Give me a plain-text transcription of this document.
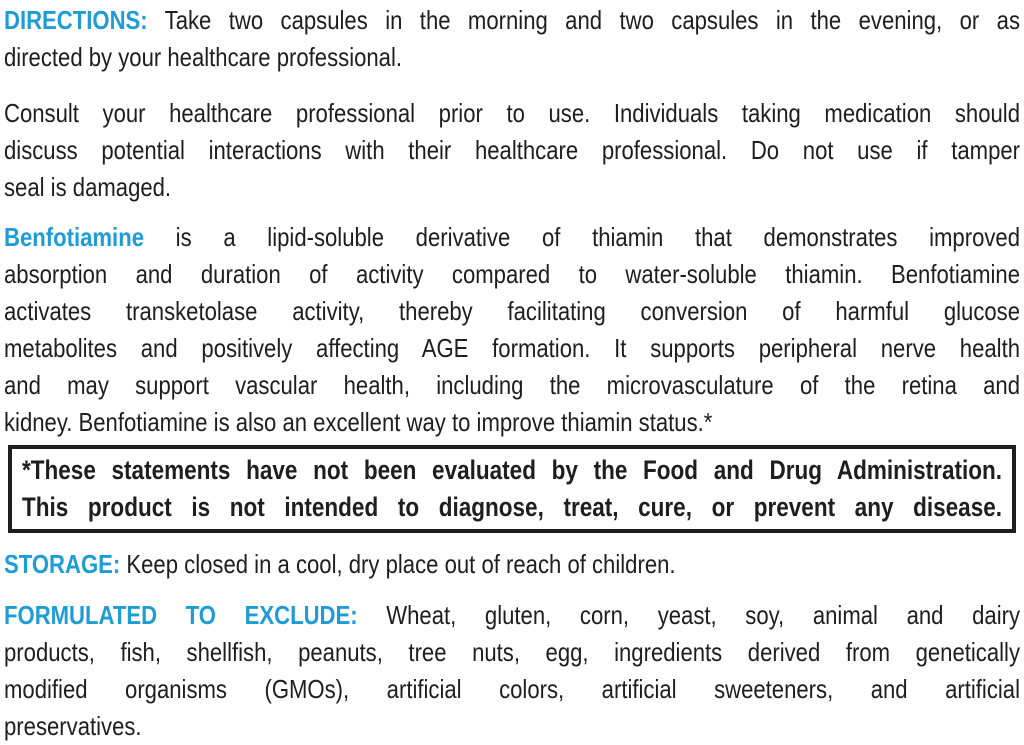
DIRECTIONS: Take two capsules in the morning and two capsules in the evening, or as
directed by your healthcare professional.
Consult your healthcare professional prior to use. Individuals taking medication should
discuss potential interactions with their healthcare professional. Do not use if tamper
seal is damaged.
Benfotiamine is a lipid-soluble derivative of thiamin that demonstrates improved
absorption and duration of activity compared to water-soluble thiamin. Benfotiamine
activates transketolase activity, thereby facilitating conversion of harmful glucose
metabolites and positively affecting AGE formation. It supports peripheral nerve health
and may support vascular health, including the microvasculature of the retina and
kidney. Benfotiamine is also an excellent way to improve thiamin status.*
*These statements have not been evaluated by the Food and Drug Administration.
This product is not intended to diagnose, treat, cure, or prevent any disease.
STORAGE: Keep closed in a cool, dry place out of reach of children.
FORMULATED TO EXCLUDE: Wheat, gluten, corn, yeast, soy, animal and dairy
products, fish, shellfish, peanuts, tree nuts, egg, ingredients derived from genetically
modified organisms (GMOs), artificial colors, artificial sweeteners, and artificial
preservatives.
